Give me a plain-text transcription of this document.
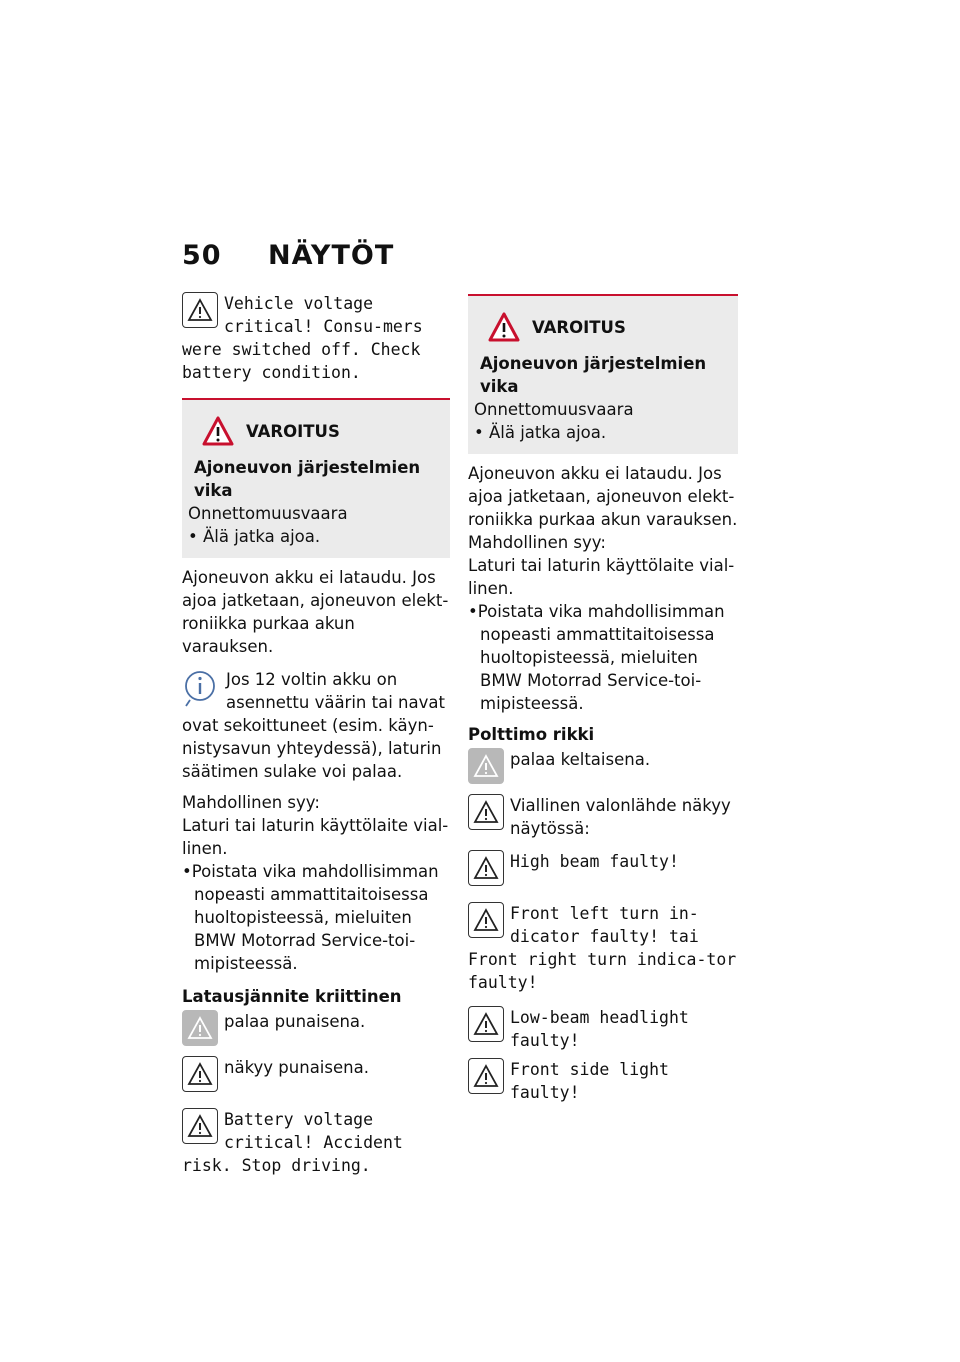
50 NÄYTÖT
Vehicle voltage critical! Consu-mers were switched off. Check battery condition.
VAROITUS
Ajoneuvon järjestelmien vika
Onnettomuusvaara
• Älä jatka ajoa.
Ajoneuvon akku ei lataudu. Jos ajoa jatketaan, ajoneuvon elekt-roniikka purkaa akun varauksen.
Jos 12 voltin akku on asennettu väärin tai navat ovat sekoittuneet (esim. käyn-nistysavun yhteydessä), laturin säätimen sulake voi palaa.
Mahdollinen syy:
Laturi tai laturin käyttölaite vial-linen.
•Poistata vika mahdollisimman
nopeasti ammattitaitoisessa
huoltopisteessä, mieluiten
BMW Motorrad Service-toi-
mipisteessä.
Latausjännite kriittinen
palaa punaisena.
näkyy punaisena.
Battery voltage critical! Accident risk. Stop driving.
VAROITUS
Ajoneuvon järjestelmien vika
Onnettomuusvaara
• Älä jatka ajoa.
Ajoneuvon akku ei lataudu. Jos ajoa jatketaan, ajoneuvon elekt-roniikka purkaa akun varauksen.
Mahdollinen syy:
Laturi tai laturin käyttölaite vial-linen.
•Poistata vika mahdollisimman
nopeasti ammattitaitoisessa
huoltopisteessä, mieluiten
BMW Motorrad Service-toi-
mipisteessä.
Polttimo rikki
palaa keltaisena.
Viallinen valonlähde näkyy näytössä:
High beam faulty!
Front left turn in-dicator faulty! tai Front right turn indica-tor faulty!
Low-beam headlight faulty!
Front side light faulty!
